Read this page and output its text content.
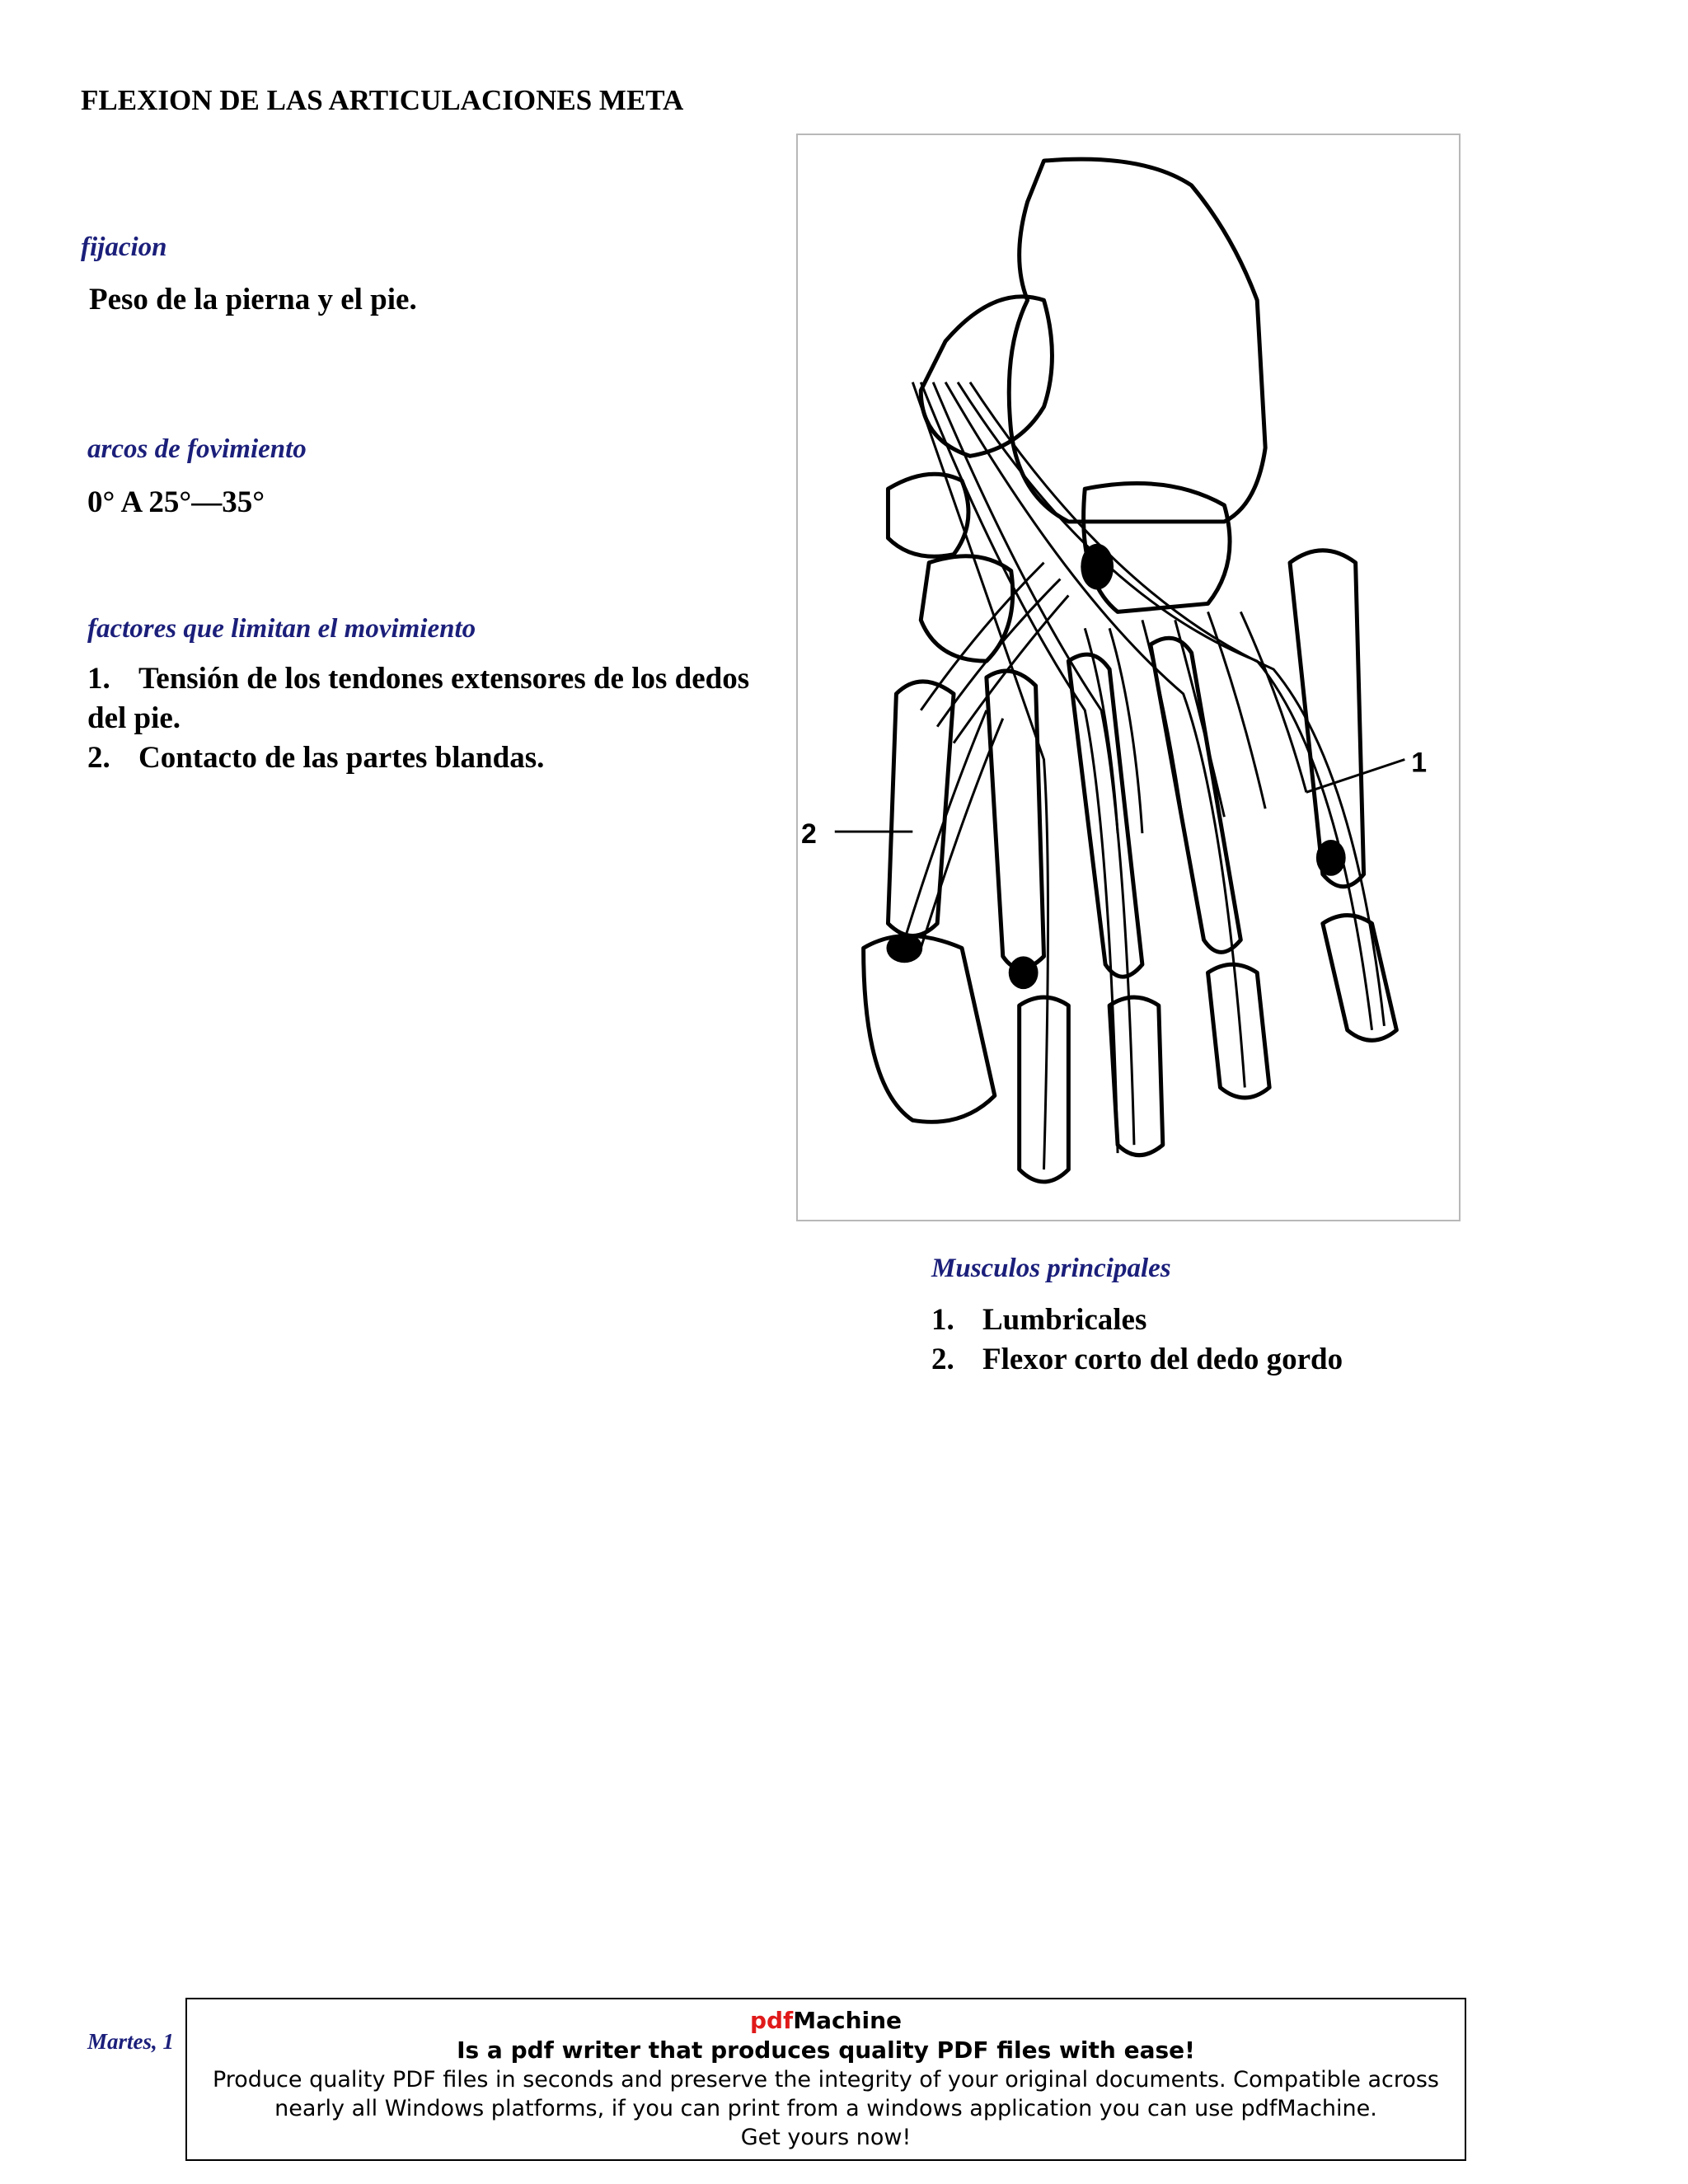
FLEXION DE LAS ARTICULACIONES META
fijacion
Peso de la pierna y el pie.
arcos de fovimiento
0° A 25°—35°
factores que limitan el movimiento
1. Tensión de los tendones extensores de los dedos del pie.
2. Contacto de las partes blandas.	1
2
Musculos principales
1. Lumbricales
2. Flexor corto del dedo gordo
Martes, 1
pdfMachine
Is a pdf writer that produces quality PDF files with ease!
Produce quality PDF files in seconds and preserve the integrity of your original documents. Compatible across nearly all Windows platforms, if you can print from a windows application you can use pdfMachine.
Get yours now!
